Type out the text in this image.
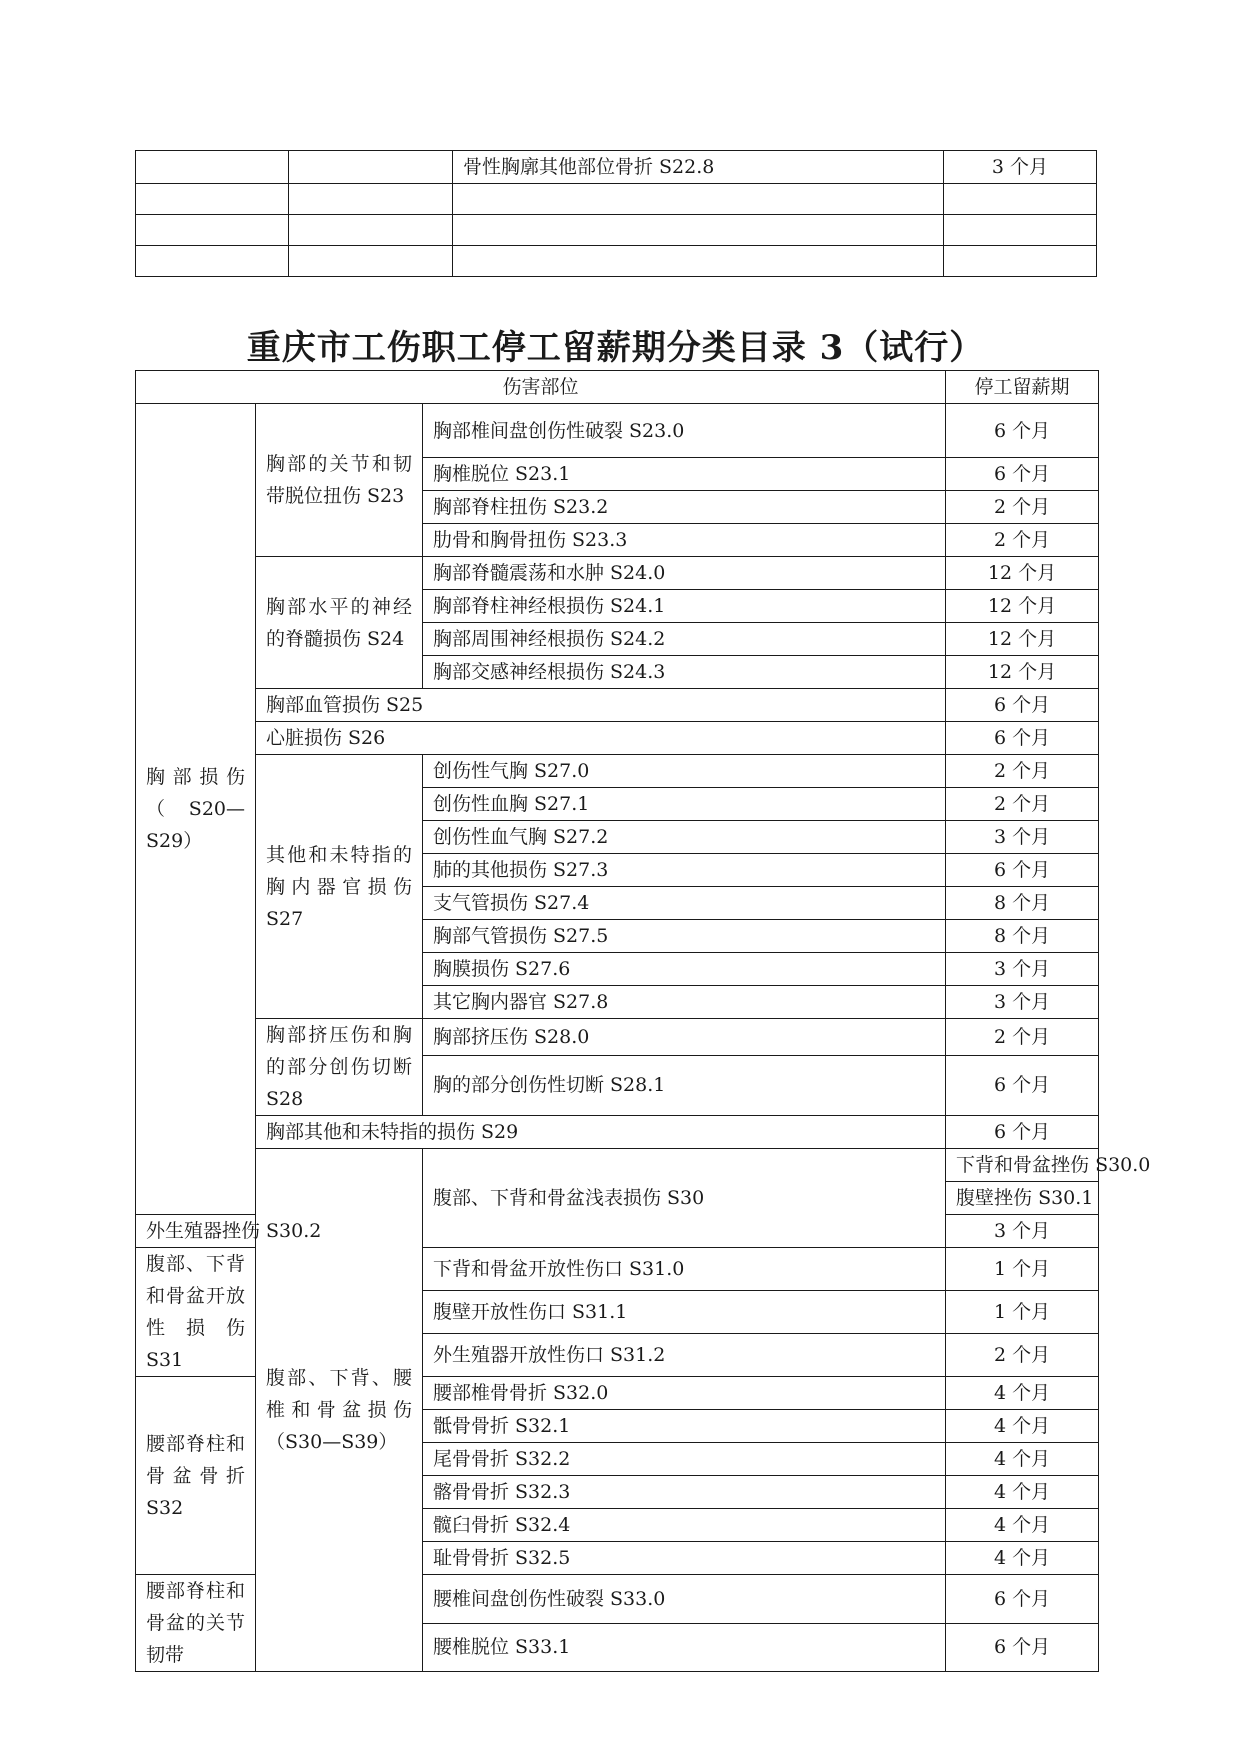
		骨性胸廓其他部位骨折 S22.8	3 个月

重庆市工伤职工停工留薪期分类目录 3（试行）
伤害部位			停工留薪期	
胸部损伤（S20—S29）	胸部的关节和韧带脱位扭伤 S23	胸部椎间盘创伤性破裂 S23.0	6 个月	
		胸椎脱位 S23.1	6 个月	
		胸部脊柱扭伤 S23.2	2 个月	
		肋骨和胸骨扭伤 S23.3	2 个月	
	胸部水平的神经的脊髓损伤 S24	胸部脊髓震荡和水肿 S24.0	12 个月	
		胸部脊柱神经根损伤 S24.1	12 个月	
		胸部周围神经根损伤 S24.2	12 个月	
		胸部交感神经根损伤 S24.3	12 个月	
	胸部血管损伤 S25		6 个月	
	心脏损伤 S26		6 个月	
	其他和未特指的胸内器官损伤 S27	创伤性气胸 S27.0	2 个月	
		创伤性血胸 S27.1	2 个月	
		创伤性血气胸 S27.2	3 个月	
		肺的其他损伤 S27.3	6 个月	
		支气管损伤 S27.4	8 个月	
		胸部气管损伤 S27.5	8 个月	
		胸膜损伤 S27.6	3 个月	
		其它胸内器官 S27.8	3 个月	
	胸部挤压伤和胸的部分创伤切断 S28	胸部挤压伤 S28.0	2 个月	
		胸的部分创伤性切断 S28.1	6 个月	
	胸部其他和未特指的损伤 S29		6 个月	
	腹部、下背、腰椎和骨盆损伤（S30—S39）	腹部、下背和骨盆浅表损伤 S30	下背和骨盆挫伤 S30.0	
			腹壁挫伤 S30.1	
外生殖器挫伤 S30.2			3 个月	
腹部、下背和骨盆开放性损伤 S31		下背和骨盆开放性伤口 S31.0	1 个月	
		腹壁开放性伤口 S31.1	1 个月	
		外生殖器开放性伤口 S31.2	2 个月	
腰部脊柱和骨盆骨折 S32		腰部椎骨骨折 S32.0	4 个月	
		骶骨骨折 S32.1	4 个月	
		尾骨骨折 S32.2	4 个月	
		髂骨骨折 S32.3	4 个月	
		髋臼骨折 S32.4	4 个月	
		耻骨骨折 S32.5	4 个月	
腰部脊柱和骨盆的关节韧带		腰椎间盘创伤性破裂 S33.0	6 个月	
		腰椎脱位 S33.1	6 个月	
